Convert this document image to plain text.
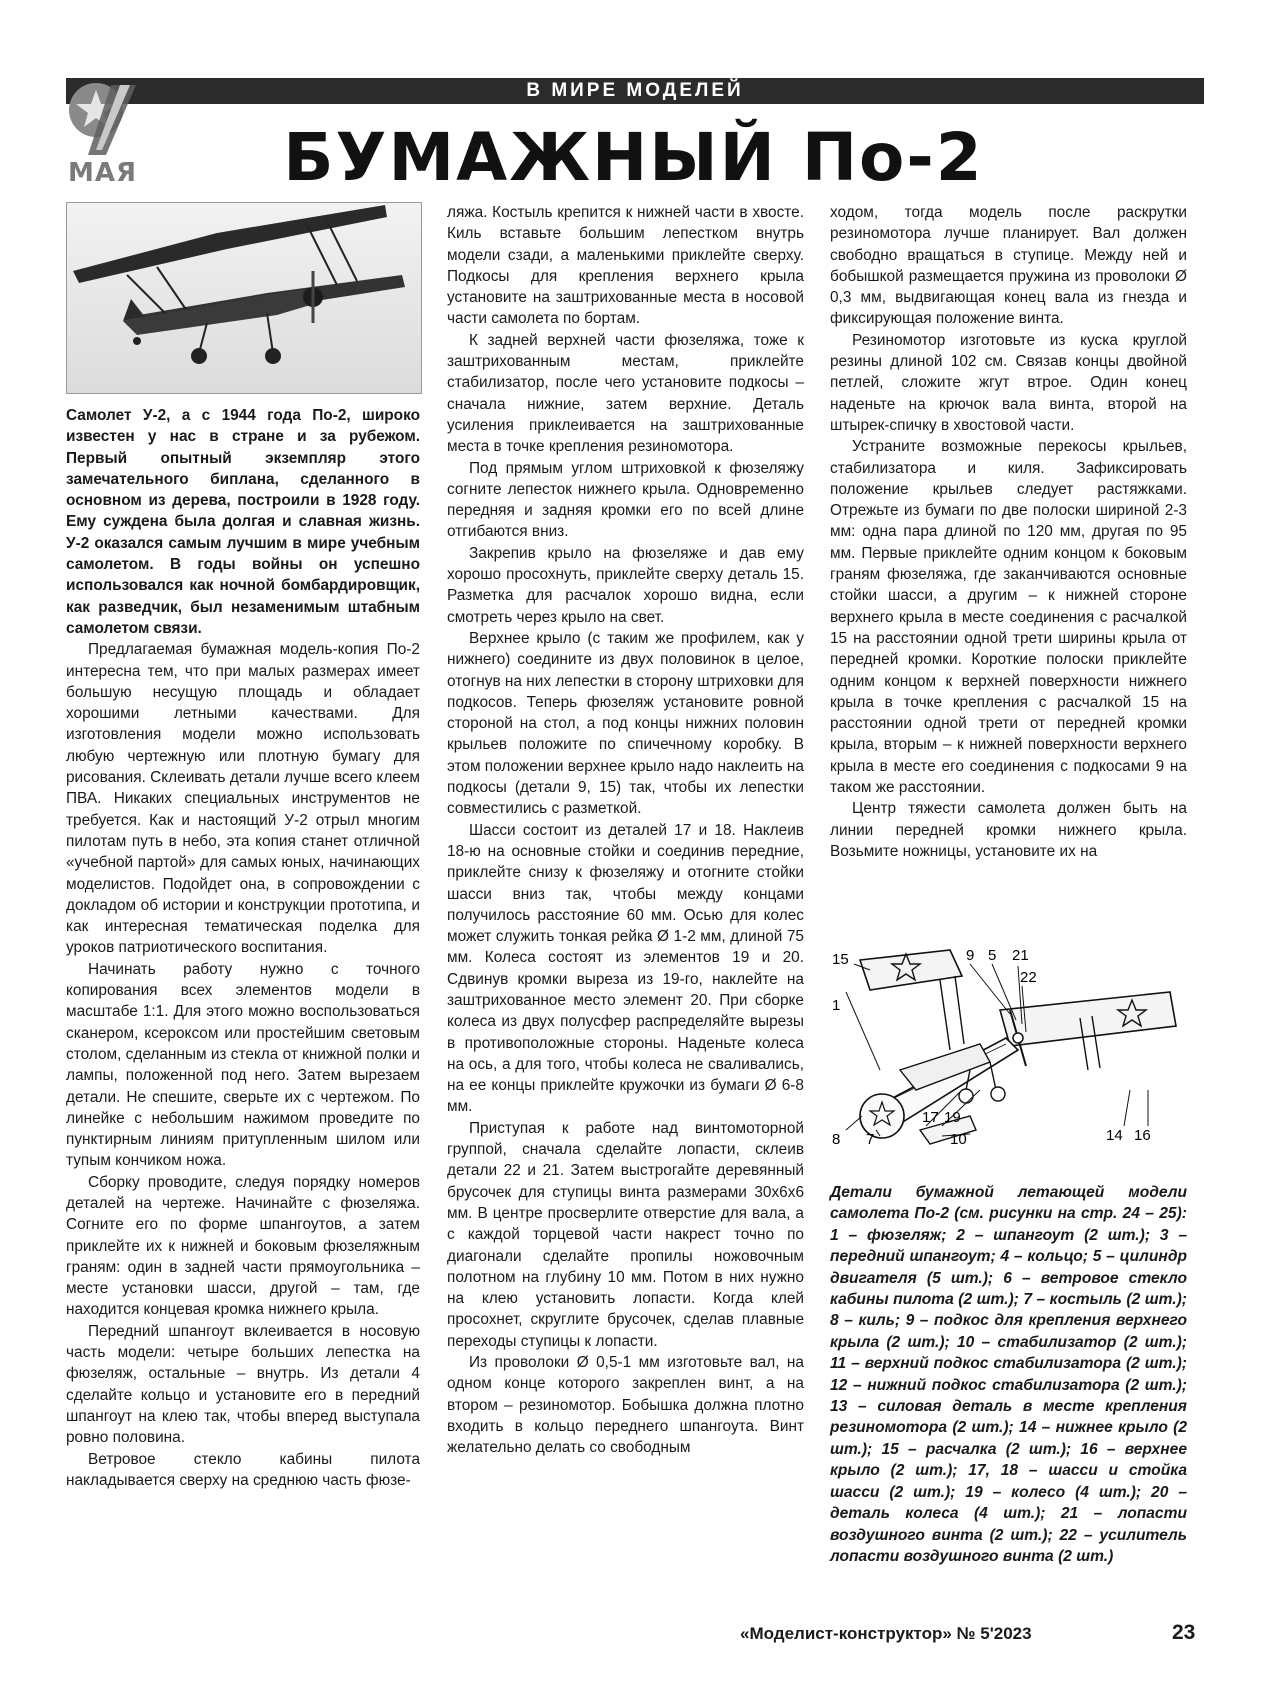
В МИРЕ МОДЕЛЕЙ
МАЯ	БУМАЖНЫЙ По-2

Самолет У-2, а с 1944 года По-2, широко известен у нас в стране и за рубежом. Первый опытный экземпляр этого замечательного биплана, сделанного в основном из дерева, построили в 1928 году. Ему суждена была долгая и славная жизнь. У-2 оказался самым лучшим в мире учебным самолетом. В годы войны он успешно использовался как ночной бомбардировщик, как разведчик, был незаменимым штабным самолетом связи.

Предлагаемая бумажная модель-копия По-2 интересна тем, что при малых размерах имеет большую несущую площадь и обладает хорошими летными качествами. Для изготовления модели можно использовать любую чертежную или плотную бумагу для рисования. Склеивать детали лучше всего клеем ПВА. Никаких специальных инструментов не требуется. Как и настоящий У-2 отрыл многим пилотам путь в небо, эта копия станет отличной «учебной партой» для самых юных, начинающих моделистов. Подойдет она, в сопровождении с докладом об истории и конструкции прототипа, и как интересная тематическая поделка для уроков патриотического воспитания.

Начинать работу нужно с точного копирования всех элементов модели в масштабе 1:1. Для этого можно воспользоваться сканером, ксероксом или простейшим световым столом, сделанным из стекла от книжной полки и лампы, положенной под него. Затем вырезаем детали. Не спешите, сверьте их с чертежом. По линейке с небольшим нажимом проведите по пунктирным линиям притупленным шилом или тупым кончиком ножа.

Сборку проводите, следуя порядку номеров деталей на чертеже. Начинайте с фюзеляжа. Согните его по форме шпангоутов, а затем приклейте их к нижней и боковым фюзеляжным граням: один в задней части прямоугольника – месте установки шасси, другой – там, где находится концевая кромка нижнего крыла.

Передний шпангоут вклеивается в носовую часть модели: четыре больших лепестка на фюзеляж, остальные – внутрь. Из детали 4 сделайте кольцо и установите его в передний шпангоут на клею так, чтобы вперед выступала ровно половина.

Ветровое стекло кабины пилота накладывается сверху на среднюю часть фюзе-

ляжа. Костыль крепится к нижней части в хвосте. Киль вставьте большим лепестком внутрь модели сзади, а маленькими приклейте сверху. Подкосы для крепления верхнего крыла установите на заштрихованные места в носовой части самолета по бортам.

К задней верхней части фюзеляжа, тоже к заштрихованным местам, приклейте стабилизатор, после чего установите подкосы – сначала нижние, затем верхние. Деталь усиления приклеивается на заштрихованные места в точке крепления резиномотора.

Под прямым углом штриховкой к фюзеляжу согните лепесток нижнего крыла. Одновременно передняя и задняя кромки его по всей длине отгибаются вниз.

Закрепив крыло на фюзеляже и дав ему хорошо просохнуть, приклейте сверху деталь 15. Разметка для расчалок хорошо видна, если смотреть через крыло на свет.

Верхнее крыло (с таким же профилем, как у нижнего) соедините из двух половинок в целое, отогнув на них лепестки в сторону штриховки для подкосов. Теперь фюзеляж установите ровной стороной на стол, а под концы нижних половин крыльев положите по спичечному коробку. В этом положении верхнее крыло надо наклеить на подкосы (детали 9, 15) так, чтобы их лепестки совместились с разметкой.

Шасси состоит из деталей 17 и 18. Наклеив 18-ю на основные стойки и соединив передние, приклейте снизу к фюзеляжу и отогните стойки шасси вниз так, чтобы между концами получилось расстояние 60 мм. Осью для колес может служить тонкая рейка Ø 1-2 мм, длиной 75 мм. Колеса состоят из элементов 19 и 20. Сдвинув кромки выреза из 19-го, наклейте на заштрихованное место элемент 20. При сборке колеса из двух полусфер распределяйте вырезы в противоположные стороны. Наденьте колеса на ось, а для того, чтобы колеса не сваливались, на ее концы приклейте кружочки из бумаги Ø 6-8 мм.

Приступая к работе над винтомоторной группой, сначала сделайте лопасти, склеив детали 22 и 21. Затем выстрогайте деревянный брусочек для ступицы винта размерами 30х6х6 мм. В центре просверлите отверстие для вала, а с каждой торцевой части накрест точно по диагонали сделайте пропилы ножовочным полотном на глубину 10 мм. Потом в них нужно на клею установить лопасти. Когда клей просохнет, скруглите брусочек, сделав плавные переходы ступицы к лопасти.

Из проволоки Ø 0,5-1 мм изготовьте вал, на одном конце которого закреплен винт, а на втором – резиномотор. Бобышка должна плотно входить в кольцо переднего шпангоута. Винт желательно делать со свободным

ходом, тогда модель после раскрутки резиномотора лучше планирует. Вал должен свободно вращаться в ступице. Между ней и бобышкой размещается пружина из проволоки Ø 0,3 мм, выдвигающая конец вала из гнезда и фиксирующая положение винта.

Резиномотор изготовьте из куска круглой резины длиной 102 см. Связав концы двойной петлей, сложите жгут втрое. Один конец наденьте на крючок вала винта, второй на штырек-спичку в хвостовой части.

Устраните возможные перекосы крыльев, стабилизатора и киля. Зафиксировать положение крыльев следует растяжками. Отрежьте из бумаги по две полоски шириной 2-3 мм: одна пара длиной по 120 мм, другая по 95 мм. Первые приклейте одним концом к боковым граням фюзеляжа, где заканчиваются основные стойки шасси, а другим – к нижней стороне верхнего крыла в месте соединения с расчалкой 15 на расстоянии одной трети ширины крыла от передней кромки. Короткие полоски приклейте одним концом к верхней поверхности нижнего крыла в точке крепления с расчалкой 15 на расстоянии одной трети от передней кромки крыла, вторым – к нижней поверхности верхнего крыла в месте его соединения с подкосами 9 на таком же расстоянии.

Центр тяжести самолета должен быть на линии передней кромки нижнего крыла. Возьмите ножницы, установите их на

15	9 5 21
22
1
17 19
8 7	10	14 16

Детали бумажной летающей модели самолета По-2 (см. рисунки на стр. 24 – 25): 1 – фюзеляж; 2 – шпангоут (2 шт.); 3 – передний шпангоут; 4 – кольцо; 5 – цилиндр двигателя (5 шт.); 6 – ветровое стекло кабины пилота (2 шт.); 7 – костыль (2 шт.); 8 – киль; 9 – подкос для крепления верхнего крыла (2 шт.); 10 – стабилизатор (2 шт.); 11 – верхний подкос стабилизатора (2 шт.); 12 – нижний подкос стабилизатора (2 шт.); 13 – силовая деталь в месте крепления резиномотора (2 шт.); 14 – нижнее крыло (2 шт.); 15 – расчалка (2 шт.); 16 – верхнее крыло (2 шт.); 17, 18 – шасси и стойка шасси (2 шт.); 19 – колесо (4 шт.); 20 – деталь колеса (4 шт.); 21 – лопасти воздушного винта (2 шт.); 22 – усилитель лопасти воздушного винта (2 шт.)

«Моделист-конструктор» № 5'2023	23
